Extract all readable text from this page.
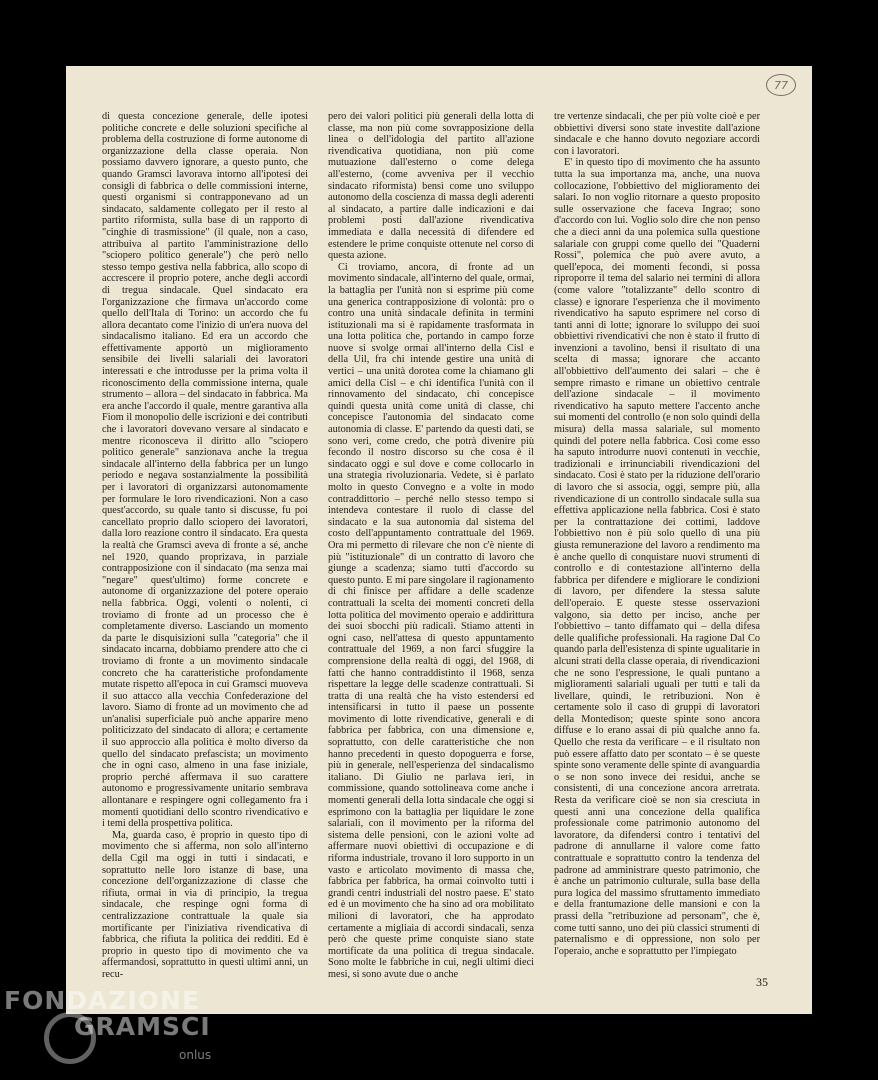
77

di questa concezione generale, delle ipotesi politiche concrete e delle soluzioni specifiche al problema della costruzione di forme autonome di organizzazione della classe operaia. Non possiamo davvero ignorare, a questo punto, che quando Gramsci lavorava intorno all'ipotesi dei consigli di fabbrica o delle commissioni interne, questi organismi si contrapponevano ad un sindacato, saldamente collegato per il resto al partito riformista, sulla base di un rapporto di "cinghie di trasmissione" (il quale, non a caso, attribuiva al partito l'amministrazione dello "sciopero politico generale") che però nello stesso tempo gestiva nella fabbrica, allo scopo di accrescere il proprio potere, anche degli accordi di tregua sindacale. Quel sindacato era l'organizzazione che firmava un'accordo come quello dell'Itala di Torino: un accordo che fu allora decantato come l'inizio di un'era nuova del sindacalismo italiano. Ed era un accordo che effettivamente apportò un miglioramento sensibile dei livelli salariali dei lavoratori interessati e che introdusse per la prima volta il riconoscimento della commissione interna, quale strumento – allora – del sindacato in fabbrica. Ma era anche l'accordo il quale, mentre garantiva alla Fiom il monopolio delle iscrizioni e dei contributi che i lavoratori dovevano versare al sindacato e mentre riconosceva il diritto allo "sciopero politico generale" sanzionava anche la tregua sindacale all'interno della fabbrica per un lungo periodo e negava sostanzialmente la possibilità per i lavoratori di organizzarsi autonomamente per formulare le loro rivendicazioni. Non a caso quest'accordo, su quale tanto si discusse, fu poi cancellato proprio dallo sciopero dei lavoratori, dalla loro reazione contro il sindacato. Era questa la realtà che Gramsci aveva di fronte a sé, anche nel 1920, quando proprizava, in parziale contrapposizione con il sindacato (ma senza mai "negare" quest'ultimo) forme concrete e autonome di organizzazione del potere operaio nella fabbrica. Oggi, volenti o nolenti, ci troviamo di fronte ad un processo che è completamente diverso. Lasciando un momento da parte le disquisizioni sulla "categoria" che il sindacato incarna, dobbiamo prendere atto che ci troviamo di fronte a un movimento sindacale concreto che ha caratteristiche profondamente mutate rispetto all'epoca in cui Gramsci muoveva il suo attacco alla vecchia Confederazione del lavoro. Siamo di fronte ad un movimento che ad un'analisi superficiale può anche apparire meno politicizzato del sindacato di allora; e certamente il suo approccio alla politica è molto diverso da quello del sindacato prefascista; un movimento che in ogni caso, almeno in una fase iniziale, proprio perché affermava il suo carattere autonomo e progressivamente unitario sembrava allontanare e respingere ogni collegamento fra i momenti quotidiani dello scontro rivendicativo e i temi della prospettiva politica.

Ma, guarda caso, è proprio in questo tipo di movimento che si afferma, non solo all'interno della Cgil ma oggi in tutti i sindacati, e soprattutto nelle loro istanze di base, una concezione dell'organizzazione di classe che rifiuta, ormai in via di principio, la tregua sindacale, che respinge ogni forma di centralizzazione contrattuale la quale sia mortificante per l'iniziativa rivendicativa di fabbrica, che rifiuta la politica dei redditi. Ed è proprio in questo tipo di movimento che va affermandosi, soprattutto in questi ultimi anni, un recu-

pero dei valori politici più generali della lotta di classe, ma non più come sovrapposizione della linea o dell'idologia del partito all'azione rivendicativa quotidiana, non più come mutuazione dall'esterno o come delega all'esterno, (come avveniva per il vecchio sindacato riformista) bensì come uno sviluppo autonomo della coscienza di massa degli aderenti al sindacato, a partire dalle indicazioni e dai problemi posti dall'azione rivendicativa immediata e dalla necessità di difendere ed estendere le prime conquiste ottenute nel corso di questa azione.

Ci troviamo, ancora, di fronte ad un movimento sindacale, all'interno del quale, ormai, la battaglia per l'unità non si esprime più come una generica contrapposizione di volontà: pro o contro una unità sindacale definita in termini istituzionali ma si è rapidamente trasformata in una lotta politica che, portando in campo forze nuove si svolge ormai all'interno della Cisl e della Uil, fra chi intende gestire una unità di vertici – una unità dorotea come la chiamano gli amici della Cisl – e chi identifica l'unità con il rinnovamento del sindacato, chi concepisce quindi questa unità come unità di classe, chi concepisce l'autonomia del sindacato come autonomia di classe. E' partendo da questi dati, se sono veri, come credo, che potrà divenire più fecondo il nostro discorso su che cosa è il sindacato oggi e sul dove e come collocarlo in una strategia rivoluzionaria. Vedete, si è parlato molto in questo Convegno e a volte in modo contraddittorio – perché nello stesso tempo si intendeva contestare il ruolo di classe del sindacato e la sua autonomia dal sistema del costo dell'appuntamento contrattuale del 1969. Ora mi permetto di rilevare che non c'è niente di più "istituzionale" di un contratto di lavoro che giunge a scadenza; siamo tutti d'accordo su questo punto. E mi pare singolare il ragionamento di chi finisce per affidare a delle scadenze contrattuali la scelta dei momenti concreti della lotta politica del movimento operaio e addirittura dei suoi sbocchi più radicali. Stiamo attenti in ogni caso, nell'attesa di questo appuntamento contrattuale del 1969, a non farci sfuggire la comprensione della realtà di oggi, del 1968, di fatti che hanno contraddistinto il 1968, senza rispettare la legge delle scadenze contrattuali. Si tratta di una realtà che ha visto estendersi ed intensificarsi in tutto il paese un possente movimento di lotte rivendicative, generali e di fabbrica per fabbrica, con una dimensione e, soprattutto, con delle caratteristiche che non hanno precedenti in questo dopoguerra e forse, più in generale, nell'esperienza del sindacalismo italiano. Di Giulio ne parlava ieri, in commissione, quando sottolineava come anche i momenti generali della lotta sindacale che oggi si esprimono con la battaglia per liquidare le zone salariali, con il movimento per la riforma del sistema delle pensioni, con le azioni volte ad affermare nuovi obiettivi di occupazione e di riforma industriale, trovano il loro supporto in un vasto e articolato movimento di massa che, fabbrica per fabbrica, ha ormai coinvolto tutti i grandi centri industriali del nostro paese. E' stato ed è un movimento che ha sino ad ora mobilitato milioni di lavoratori, che ha approdato certamente a migliaia di accordi sindacali, senza però che queste prime conquiste siano state mortificate da una politica di tregua sindacale. Sono molte le fabbriche in cui, negli ultimi dieci mesi, si sono avute due o anche

tre vertenze sindacali, che per più volte cioè e per obbiettivi diversi sono state investite dall'azione sindacale e che hanno dovuto negoziare accordi con i lavoratori.

E' in questo tipo di movimento che ha assunto tutta la sua importanza ma, anche, una nuova collocazione, l'obbiettivo del miglioramento dei salari. Io non voglio ritornare a questo proposito sulle osservazione che faceva Ingrao; sono d'accordo con lui. Voglio solo dire che non penso che a dieci anni da una polemica sulla questione salariale con gruppi come quello dei "Quaderni Rossi", polemica che può avere avuto, a quell'epoca, dei momenti fecondi, si possa riproporre il tema del salario nei termini di allora (come valore "totalizzante" dello scontro di classe) e ignorare l'esperienza che il movimento rivendicativo ha saputo esprimere nel corso di tanti anni di lotte; ignorare lo sviluppo dei suoi obbiettivi rivendicativi che non è stato il frutto di invenzioni a tavolino, bensì il risultato di una scelta di massa; ignorare che accanto all'obbiettivo dell'aumento dei salari – che è sempre rimasto e rimane un obiettivo centrale dell'azione sindacale – il movimento rivendicativo ha saputo mettere l'accento anche sui momenti del controllo (e non solo quindi della misura) della massa salariale, sul momento quindi del potere nella fabbrica. Così come esso ha saputo introdurre nuovi contenuti in vecchie, tradizionali e irrinunciabili rivendicazioni del sindacato. Così è stato per la riduzione dell'orario di lavoro che si associa, oggi, sempre più, alla rivendicazione di un controllo sindacale sulla sua effettiva applicazione nella fabbrica. Così è stato per la contrattazione dei cottimi, laddove l'obbiettivo non è più solo quello di una più giusta remunerazione del lavoro a rendimento ma è anche quello di conquistare nuovi strumenti di controllo e di contestazione all'interno della fabbrica per difendere e migliorare le condizioni di lavoro, per difendere la stessa salute dell'operaio. E queste stesse osservazioni valgono, sia detto per inciso, anche per l'obbiettivo – tanto diffamato qui – della difesa delle qualifiche professionali. Ha ragione Dal Co quando parla dell'esistenza di spinte ugualitarie in alcuni strati della classe operaia, di rivendicazioni che ne sono l'espressione, le quali puntano a miglioramenti salariali uguali per tutti e tali da livellare, quindi, le retribuzioni. Non è certamente solo il caso di gruppi di lavoratori della Montedison; queste spinte sono ancora diffuse e lo erano assai di più qualche anno fa. Quello che resta da verificare – e il risultato non può essere affatto dato per scontato – è se queste spinte sono veramente delle spinte di avanguardia o se non sono invece dei residui, anche se consistenti, di una concezione ancora arretrata. Resta da verificare cioè se non sia cresciuta in questi anni una concezione della qualifica professionale come patrimonio autonomo del lavoratore, da difendersi contro i tentativi del padrone di annullarne il valore come fatto contrattuale e soprattutto contro la tendenza del padrone ad amministrare questo patrimonio, che è anche un patrimonio culturale, sulla base della pura logica del massimo sfruttamento immediato e della frantumazione delle mansioni e con la prassi della "retribuzione ad personam", che è, come tutti sanno, uno dei più classici strumenti di paternalismo e di oppressione, non solo per l'operaio, anche e soprattutto per l'impiegato

35
FONDAZIONE
GRAMSCI
onlus
